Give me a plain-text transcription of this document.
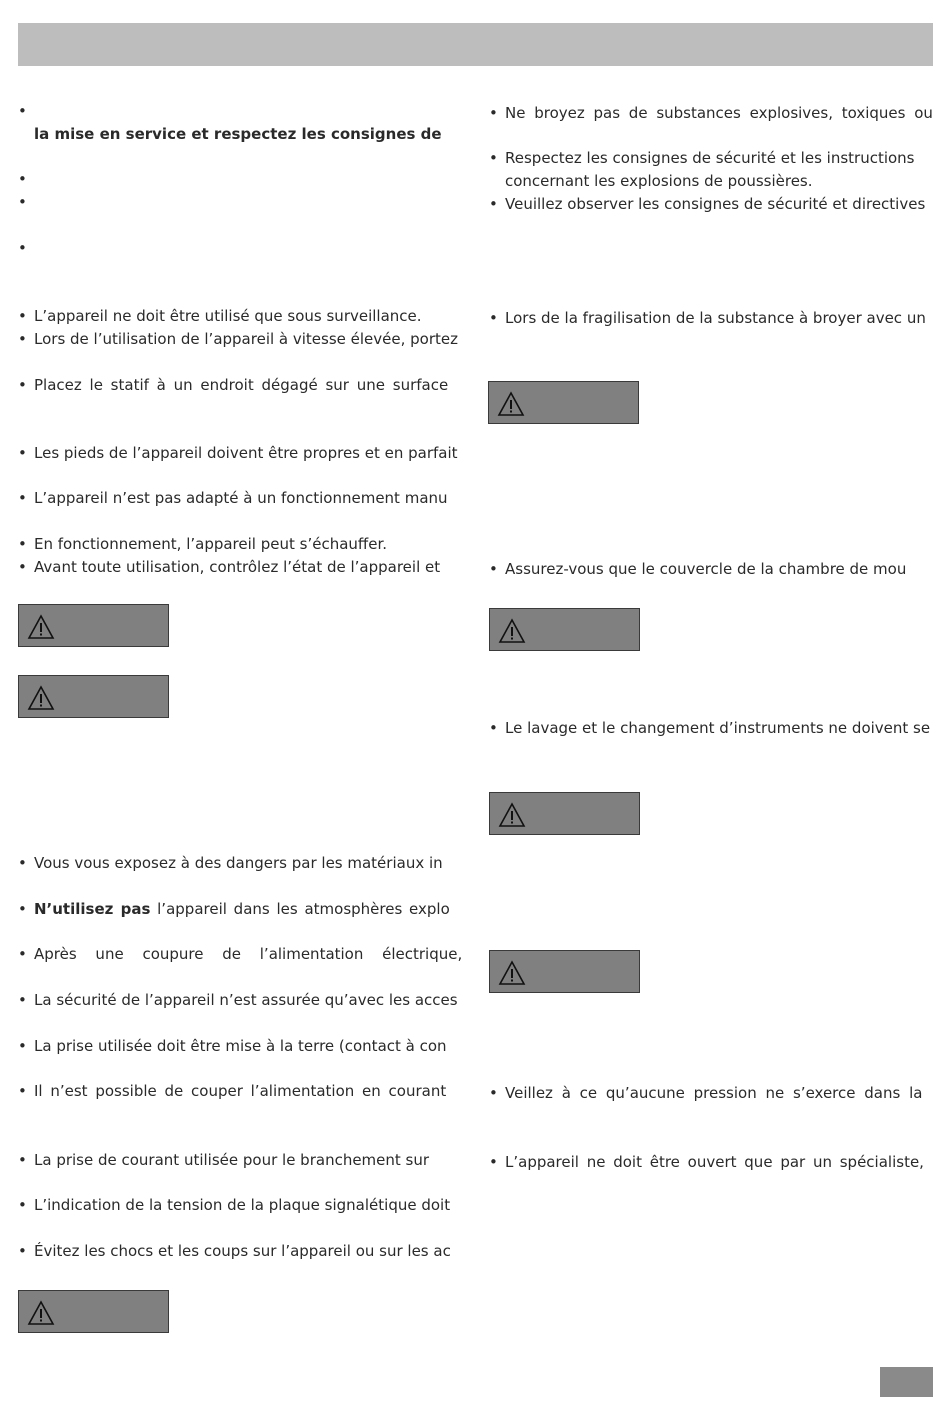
•
la mise en service et respectez les consignes de
•
•
•
• L’appareil ne doit être utilisé que sous surveillance.
• Lors de l’utilisation de l’appareil à vitesse élevée, portez
• Placez le statif à un endroit dégagé sur une surface
• Les pieds de l’appareil doivent être propres et en parfait
• L’appareil n’est pas adapté à un fonctionnement manu
• En fonctionnement, l’appareil peut s’échauffer.
• Avant toute utilisation, contrôlez l’état de l’appareil et
• Vous vous exposez à des dangers par les matériaux in
• N’utilisez pas l’appareil dans les atmosphères explo
• Après une coupure de l’alimentation électrique,
• La sécurité de l’appareil n’est assurée qu’avec les acces
• La prise utilisée doit être mise à la terre (contact à con
• Il n’est possible de couper l’alimentation en courant
• La prise de courant utilisée pour le branchement sur
• L’indication de la tension de la plaque signalétique doit
• Évitez les chocs et les coups sur l’appareil ou sur les ac
• Ne broyez pas de substances explosives, toxiques ou
• Respectez les consignes de sécurité et les instructions
concernant les explosions de poussières.
• Veuillez observer les consignes de sécurité et directives
• Lors de la fragilisation de la substance à broyer avec un
• Assurez-vous que le couvercle de la chambre de mou
• Le lavage et le changement d’instruments ne doivent se
• Veillez à ce qu’aucune pression ne s’exerce dans la
• L’appareil ne doit être ouvert que par un spécialiste,
